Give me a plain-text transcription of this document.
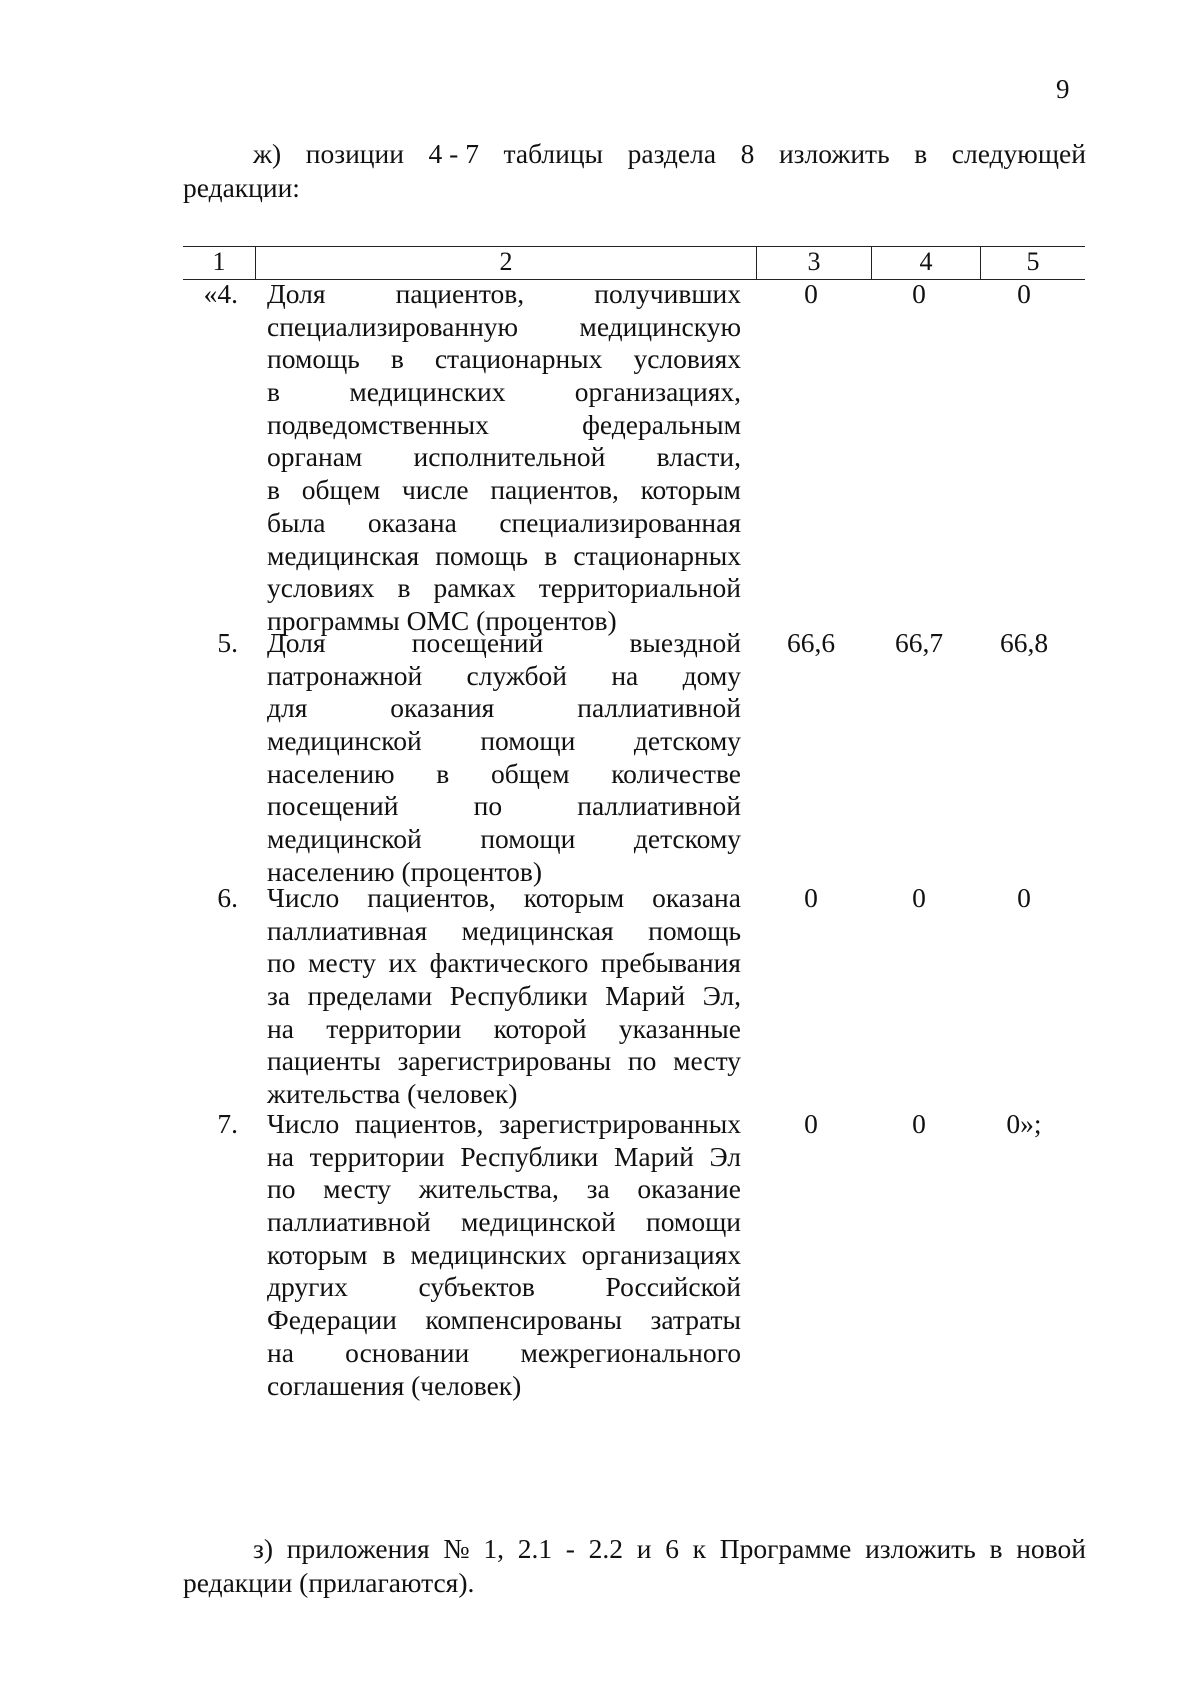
9
ж) позиции 4 - 7 таблицы раздела 8 изложить в следующей
редакции:
1	2	3	4	5
«4. Доля	пациентов,	получивших
специализированную медицинскую
помощь в стационарных условиях
в	медицинских	организациях,
подведомственных	федеральным
органам исполнительной власти,
в общем числе пациентов, которым
была оказана специализированная
медицинская помощь в стационарных
условиях в рамках территориальной
программы ОМС (процентов)
0	0	0
5. Доля	посещений	выездной
патронажной службой на дому
для	оказания	паллиативной
медицинской помощи детскому
населению в общем количестве
посещений	по	паллиативной
медицинской помощи детскому
населению (процентов)
66,6	66,7	66,8
6. Число пациентов, которым оказана
паллиативная медицинская помощь
по месту их фактического пребывания
за пределами Республики Марий Эл,
на территории которой указанные
пациенты зарегистрированы по месту
жительства (человек)
0	0	0
7. Число пациентов, зарегистрированных
на территории Республики Марий Эл
по месту жительства, за оказание
паллиативной медицинской помощи
которым в медицинских организациях
других	субъектов	Российской
Федерации компенсированы затраты
на основании межрегионального
соглашения (человек)
0	0	0»;
з) приложения № 1, 2.1 - 2.2 и 6 к Программе изложить в новой
редакции (прилагаются).
